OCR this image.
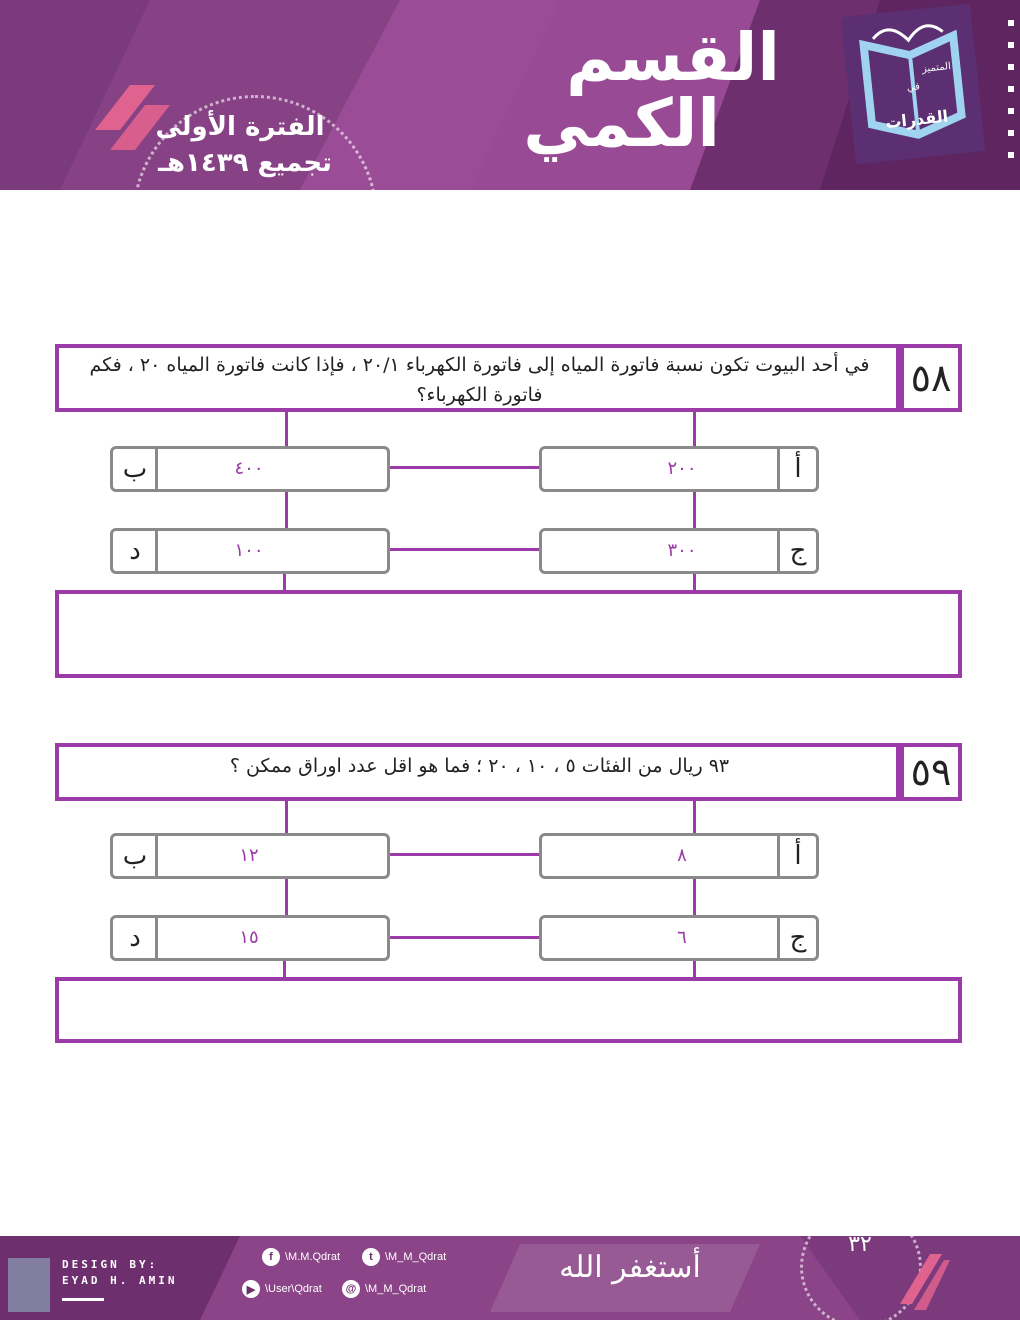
القسم
الكمي
الفترة الأولى
تجميع ١٤٣٩هـ
القدرات
المتميز
في
في أحد البيوت تكون نسبة فاتورة المياه إلى فاتورة الكهرباء ٢٠/١ ، فإذا كانت فاتورة المياه ٢٠ ، فكم فاتورة الكهرباء؟	٥٨
٢٠٠	أ
ب	٤٠٠
٣٠٠	ج
د	١٠٠
٩٣ ريال من الفئات ٥ ، ١٠ ، ٢٠ ؛ فما هو اقل عدد اوراق ممكن ؟	٥٩
٨	أ
ب	١٢
٦	ج
د	١٥
DESIGN BY:
EYAD H. AMIN
f	\M.M.Qdrat	t	\M_M_Qdrat
▶ \User\Qdrat	@ \M_M_Qdrat
أستغفر الله
٣٢
